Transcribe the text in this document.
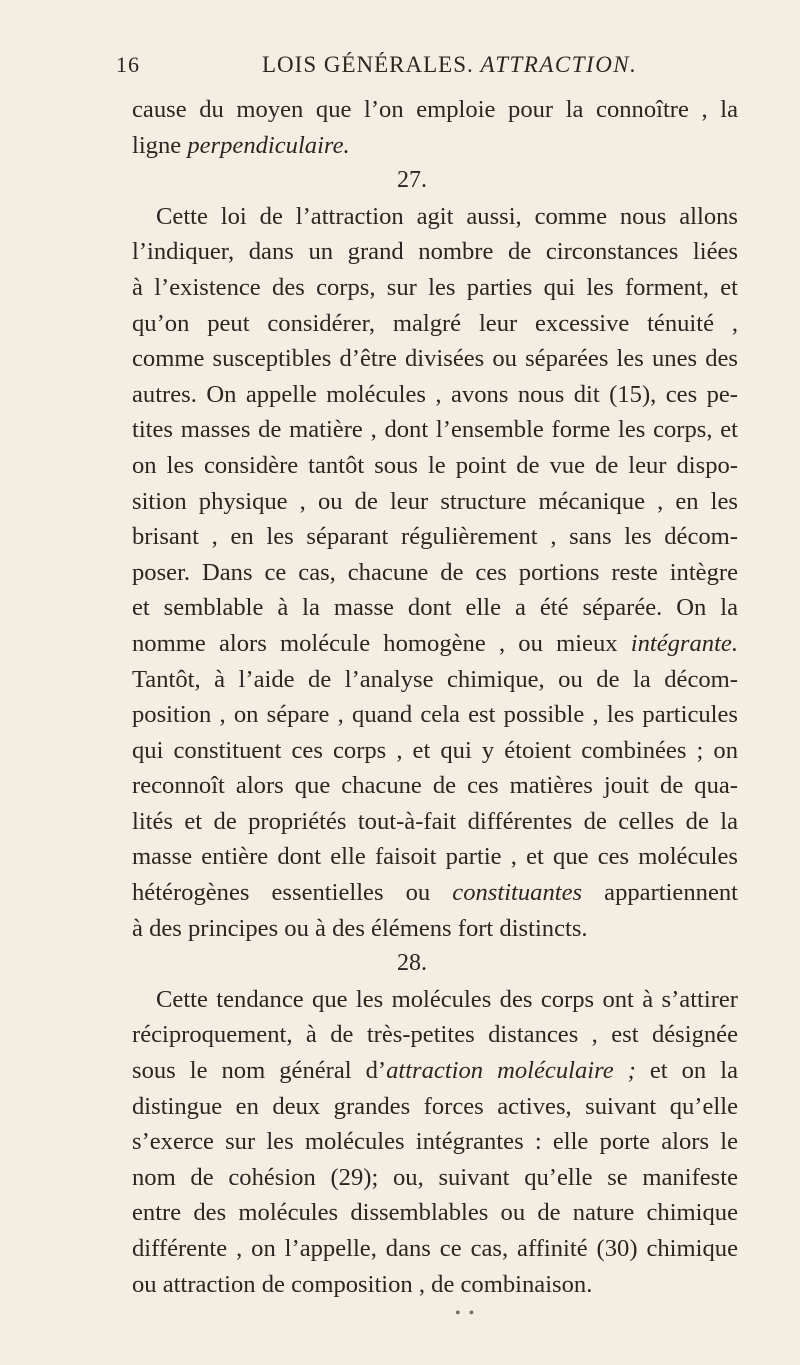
16	LOIS GÉNÉRALES. ATTRACTION.
cause du moyen que l’on emploie pour la connoître , la
ligne perpendiculaire.
27.
Cette loi de l’attraction agit aussi, comme nous allons
l’indiquer, dans un grand nombre de circonstances liées
à l’existence des corps, sur les parties qui les forment, et
qu’on peut considérer, malgré leur excessive ténuité ,
comme susceptibles d’être divisées ou séparées les unes des
autres. On appelle molécules , avons nous dit (15), ces pe-
tites masses de matière , dont l’ensemble forme les corps, et
on les considère tantôt sous le point de vue de leur dispo-
sition physique , ou de leur structure mécanique , en les
brisant , en les séparant régulièrement , sans les décom-
poser. Dans ce cas, chacune de ces portions reste intègre
et semblable à la masse dont elle a été séparée. On la
nomme alors molécule homogène , ou mieux intégrante.
Tantôt, à l’aide de l’analyse chimique, ou de la décom-
position , on sépare , quand cela est possible , les particules
qui constituent ces corps , et qui y étoient combinées ; on
reconnoît alors que chacune de ces matières jouit de qua-
lités et de propriétés tout-à-fait différentes de celles de la
masse entière dont elle faisoit partie , et que ces molécules
hétérogènes essentielles ou constituantes appartiennent
à des principes ou à des élémens fort distincts.
28.
Cette tendance que les molécules des corps ont à s’attirer
réciproquement, à de très-petites distances , est désignée
sous le nom général d’attraction moléculaire ; et on la
distingue en deux grandes forces actives, suivant qu’elle
s’exerce sur les molécules intégrantes : elle porte alors le
nom de cohésion (29); ou, suivant qu’elle se manifeste
entre des molécules dissemblables ou de nature chimique
différente , on l’appelle, dans ce cas, affinité (30) chimique
ou attraction de composition , de combinaison.
•​•
